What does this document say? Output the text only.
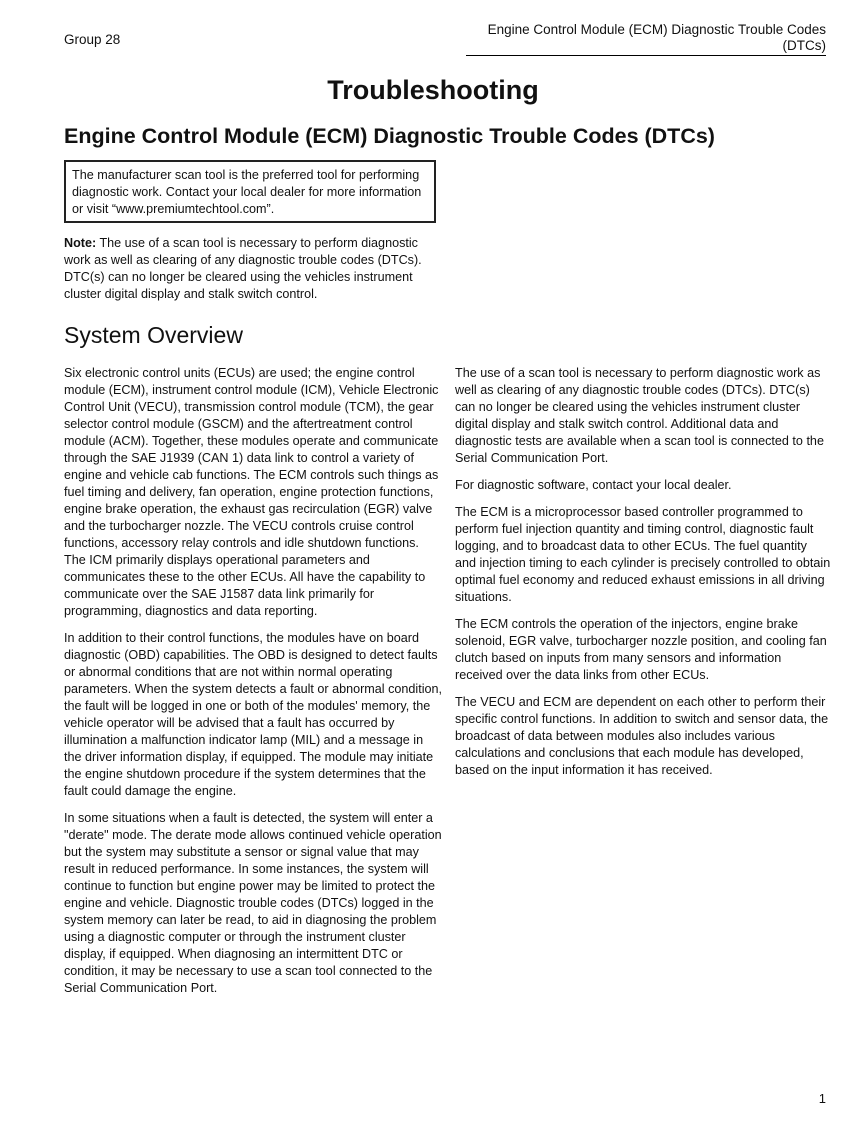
Group 28
Engine Control Module (ECM) Diagnostic Trouble Codes (DTCs)
Troubleshooting
Engine Control Module (ECM) Diagnostic Trouble Codes (DTCs)
The manufacturer scan tool is the preferred tool for performing diagnostic work. Contact your local dealer for more information or visit “www.premiumtechtool.com”.
Note: The use of a scan tool is necessary to perform diagnostic work as well as clearing of any diagnostic trouble codes (DTCs). DTC(s) can no longer be cleared using the vehicles instrument cluster digital display and stalk switch control.
System Overview

Six electronic control units (ECUs) are used; the engine control module (ECM), instrument control module (ICM), Vehicle Electronic Control Unit (VECU), transmission control module (TCM), the gear selector control module (GSCM) and the aftertreatment control module (ACM). Together, these modules operate and communicate through the SAE J1939 (CAN 1) data link to control a variety of engine and vehicle cab functions. The ECM controls such things as fuel timing and delivery, fan operation, engine protection functions, engine brake operation, the exhaust gas recirculation (EGR) valve and the turbocharger nozzle. The VECU controls cruise control functions, accessory relay controls and idle shutdown functions. The ICM primarily displays operational parameters and communicates these to the other ECUs. All have the capability to communicate over the SAE J1587 data link primarily for programming, diagnostics and data reporting.

In addition to their control functions, the modules have on board diagnostic (OBD) capabilities. The OBD is designed to detect faults or abnormal conditions that are not within normal operating parameters. When the system detects a fault or abnormal condition, the fault will be logged in one or both of the modules' memory, the vehicle operator will be advised that a fault has occurred by illumination a malfunction indicator lamp (MIL) and a message in the driver information display, if equipped. The module may initiate the engine shutdown procedure if the system determines that the fault could damage the engine.

In some situations when a fault is detected, the system will enter a "derate" mode. The derate mode allows continued vehicle operation but the system may substitute a sensor or signal value that may result in reduced performance. In some instances, the system will continue to function but engine power may be limited to protect the engine and vehicle. Diagnostic trouble codes (DTCs) logged in the system memory can later be read, to aid in diagnosing the problem using a diagnostic computer or through the instrument cluster display, if equipped. When diagnosing an intermittent DTC or condition, it may be necessary to use a scan tool connected to the Serial Communication Port.

The use of a scan tool is necessary to perform diagnostic work as well as clearing of any diagnostic trouble codes (DTCs). DTC(s) can no longer be cleared using the vehicles instrument cluster digital display and stalk switch control. Additional data and diagnostic tests are available when a scan tool is connected to the Serial Communication Port.

For diagnostic software, contact your local dealer.

The ECM is a microprocessor based controller programmed to perform fuel injection quantity and timing control, diagnostic fault logging, and to broadcast data to other ECUs. The fuel quantity and injection timing to each cylinder is precisely controlled to obtain optimal fuel economy and reduced exhaust emissions in all driving situations.

The ECM controls the operation of the injectors, engine brake solenoid, EGR valve, turbocharger nozzle position, and cooling fan clutch based on inputs from many sensors and information received over the data links from other ECUs.

The VECU and ECM are dependent on each other to perform their specific control functions. In addition to switch and sensor data, the broadcast of data between modules also includes various calculations and conclusions that each module has developed, based on the input information it has received.

1
